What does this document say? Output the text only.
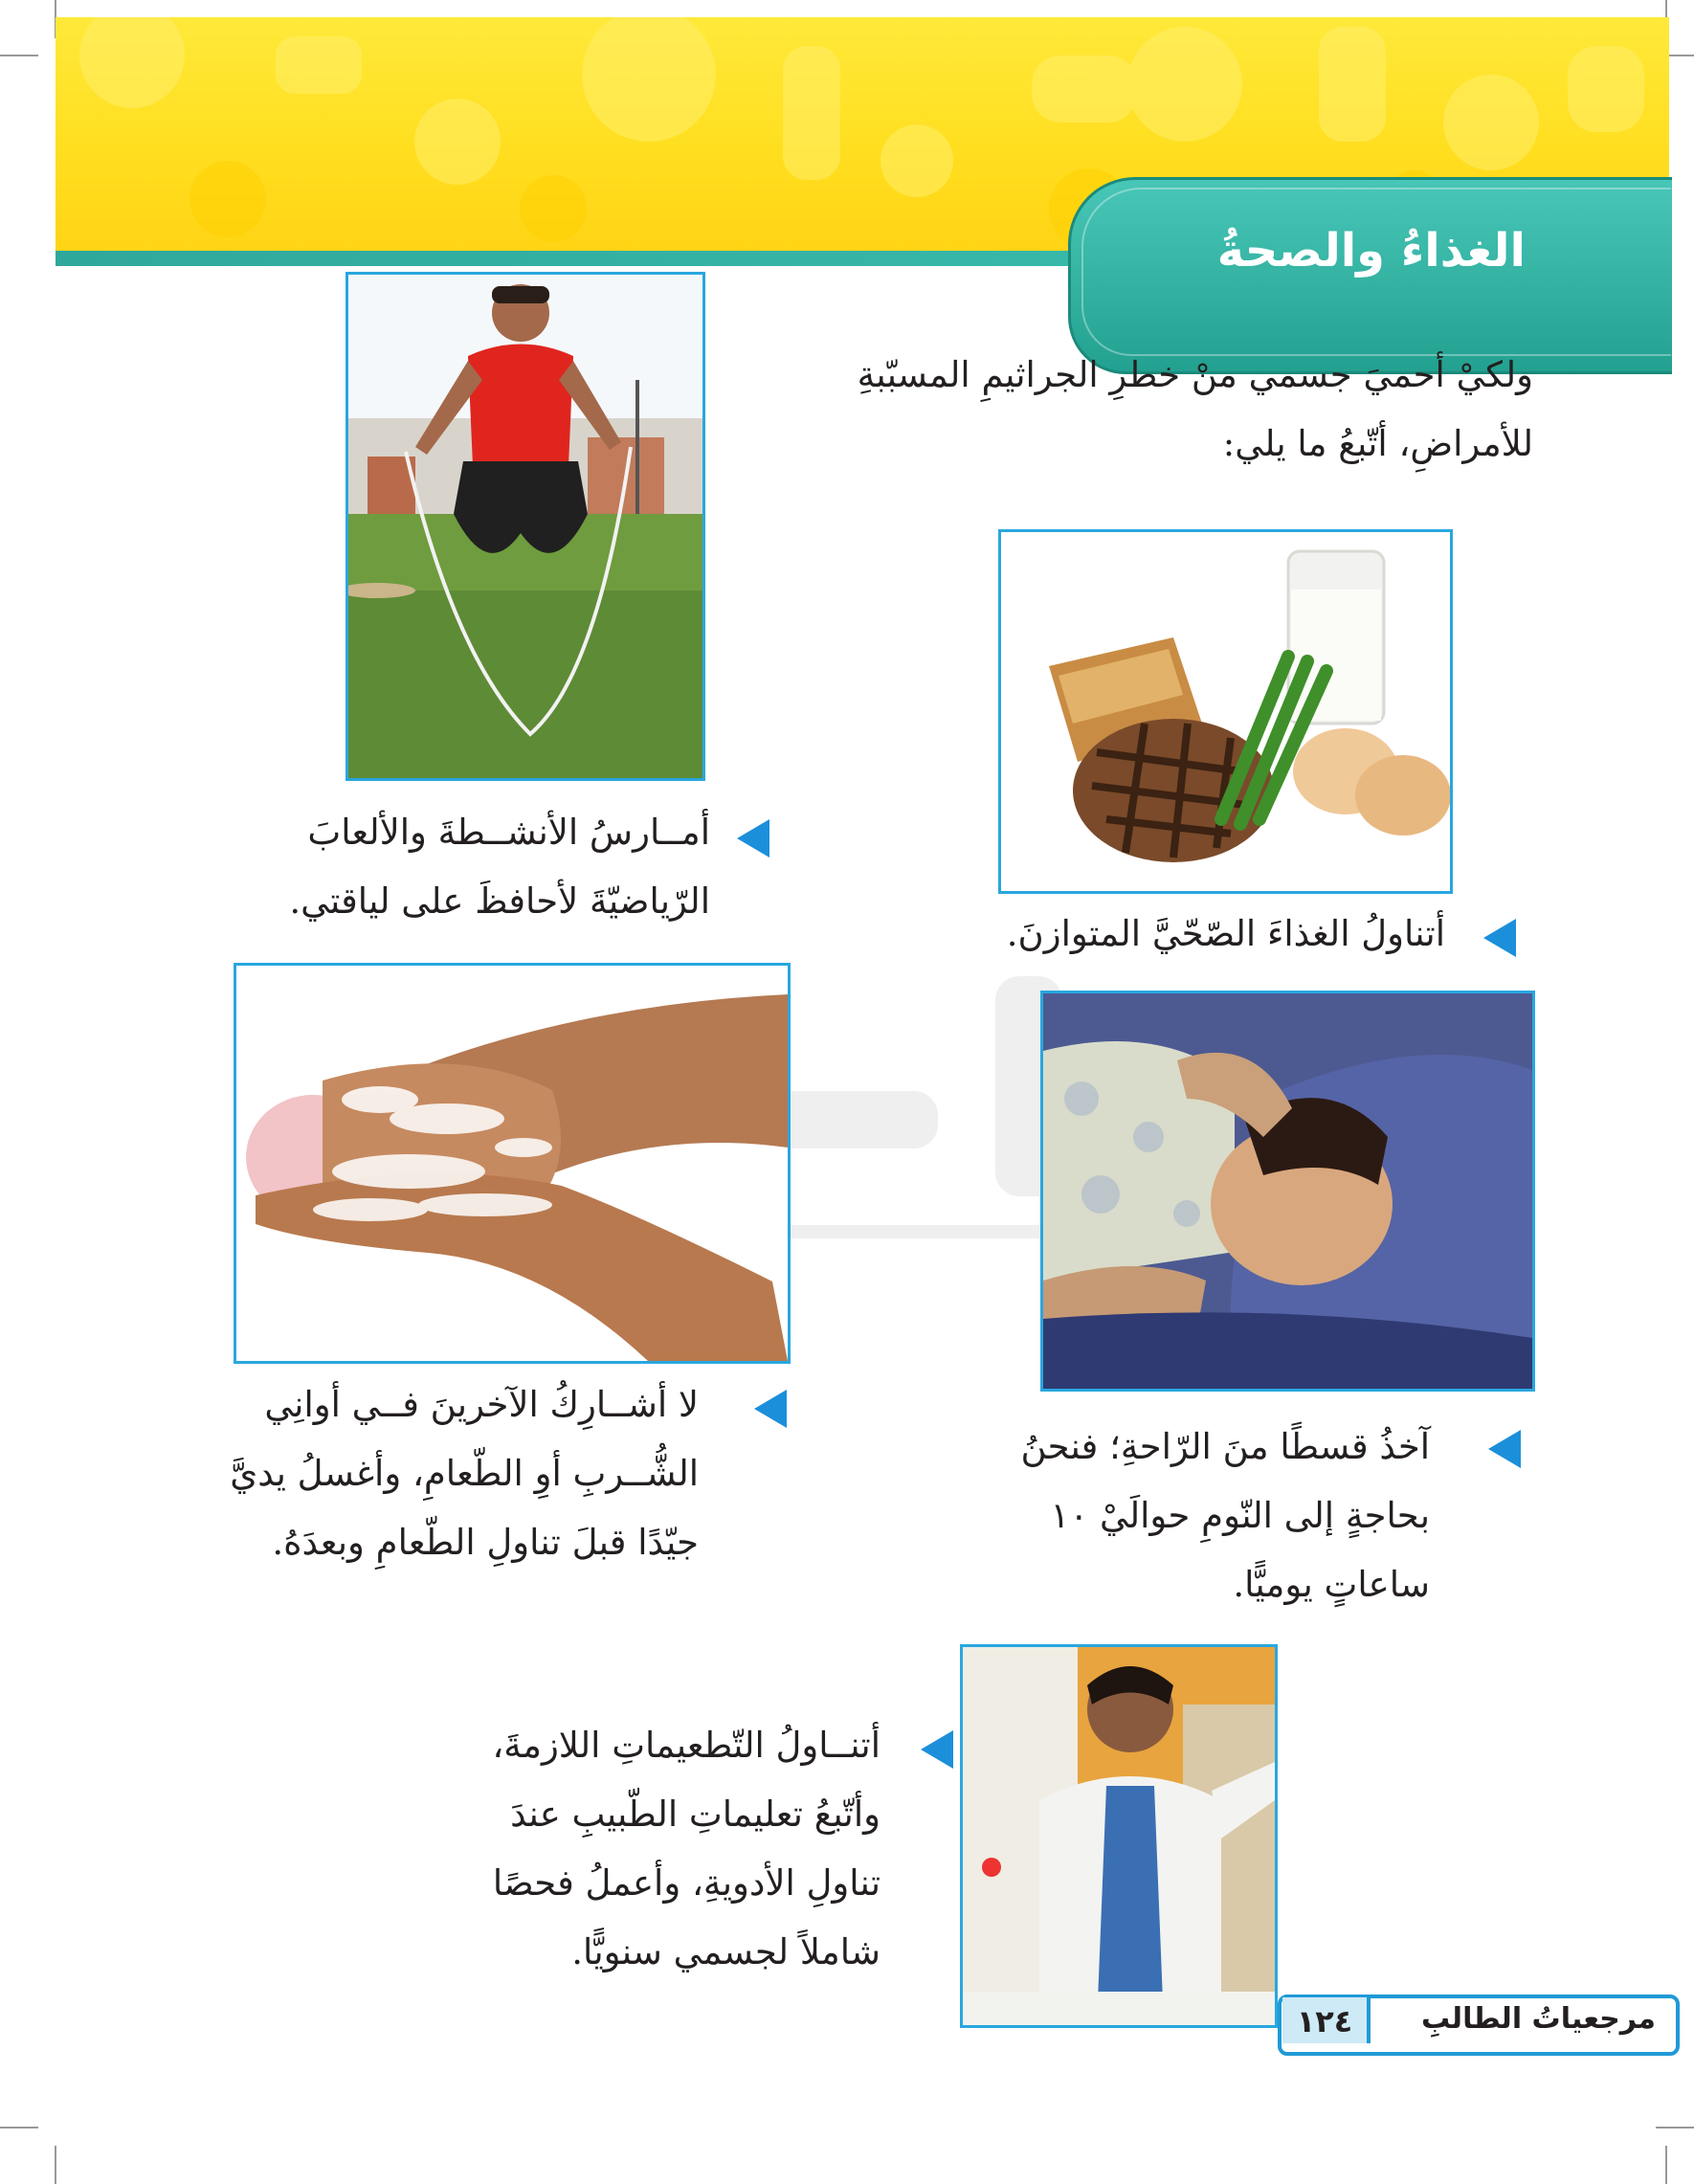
الغذاءُ والصحةُ
ولكيْ أحميَ جسمي منْ خطرِ الجراثيمِ المسبّبةِ
للأمراضِ، أتّبعُ ما يلي:
أمــارسُ الأنشــطةَ والألعابَ
الرّياضيّةَ لأحافظَ على لياقتي.
أتناولُ الغذاءَ الصّحّيَّ المتوازنَ.
لا أشــارِكُ الآخرينَ فــي أوانِي
الشُّــربِ أوِ الطّعامِ، وأغسلُ يديَّ
جيّدًا قبلَ تناولِ الطّعامِ وبعدَهُ.
آخذُ قسطًا منَ الرّاحةِ؛ فنحنُ
بحاجةٍ إلى النّومِ حوالَيْ ١٠
ساعاتٍ يوميًّا.
أتنــاولُ التّطعيماتِ اللازمةَ،
وأتّبعُ تعليماتِ الطّبيبِ عندَ
تناولِ الأدويةِ، وأعملُ فحصًا
شاملاً لجسمي سنويًّا.
١٢٤	مرجعياتُ الطالبِ
